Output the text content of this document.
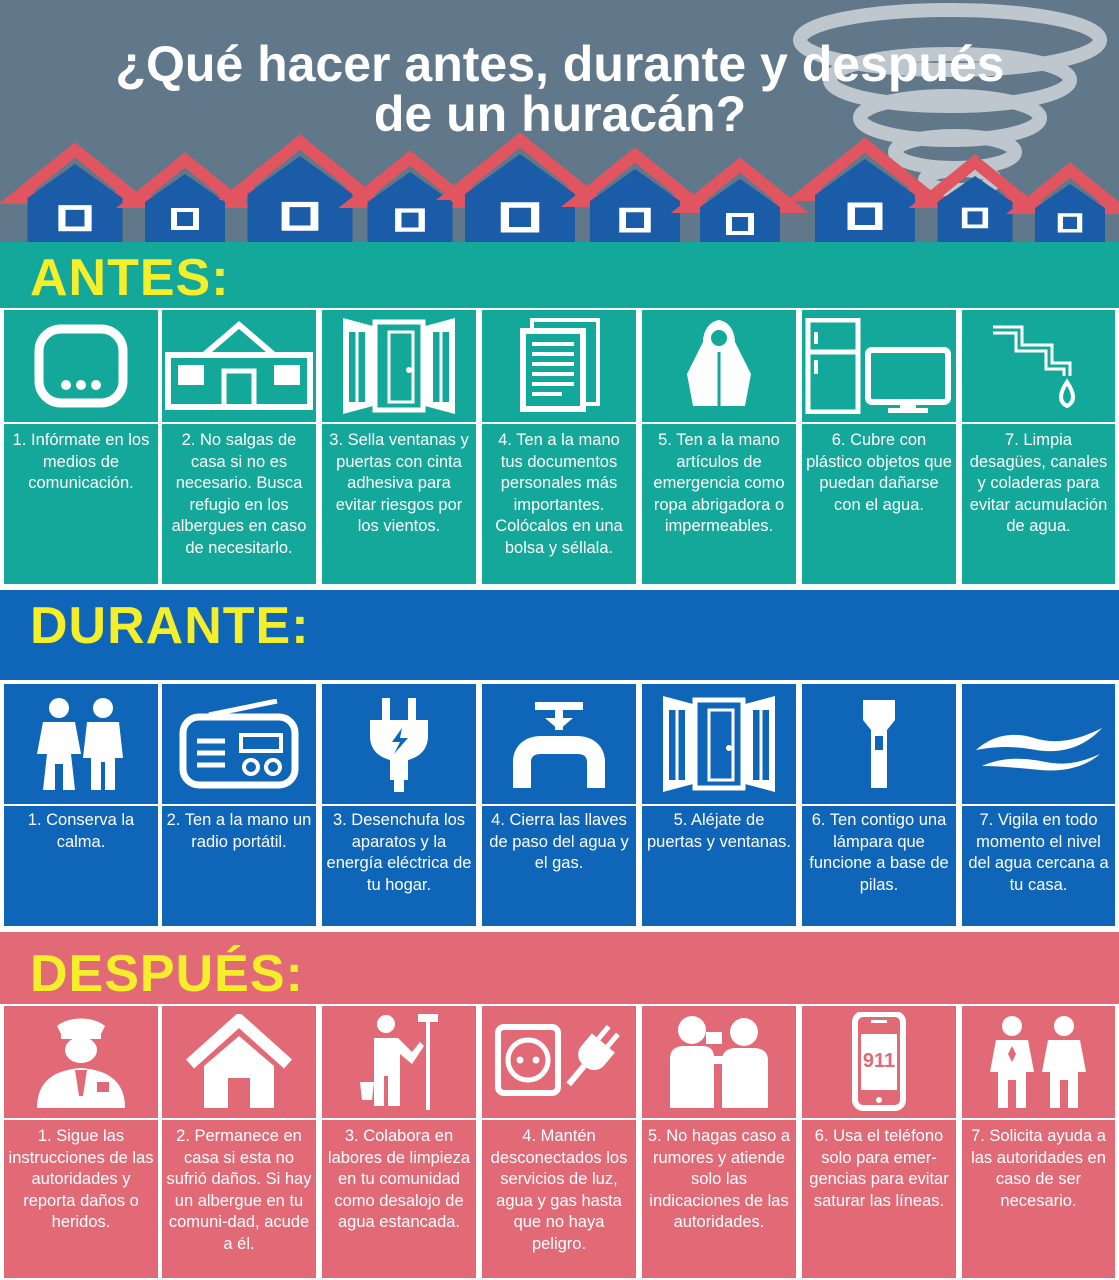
¿Qué hacer antes, durante y después
de un huracán?
ANTES:

1. Infórmate en los medios de comunicación.

2. No salgas de casa si no es necesario. Busca refugio en los albergues en caso de necesitarlo.

3. Sella ventanas y puertas con cinta adhesiva para evitar riesgos por los vientos.

4. Ten a la mano tus documentos personales más importantes. Colócalos en una bolsa y séllala.

5. Ten a la mano artículos de emergencia como ropa abrigadora o impermeables.

6. Cubre con plástico objetos que puedan dañarse con el agua.

7. Limpia desagües, canales y coladeras para evitar acumulación de agua.

DURANTE:

1. Conserva la calma.

2. Ten a la mano un radio portátil.

3. Desenchufa los aparatos y la energía eléctrica de tu hogar.

4. Cierra las llaves de paso del agua y el gas.

5. Aléjate de puertas y ventanas.

6. Ten contigo una lámpara que funcione a base de pilas.

7. Vigila en todo momento el nivel del agua cercana a tu casa.

DESPUÉS:

1. Sigue las instrucciones de las autoridades y reporta daños o heridos.

2. Permanece en casa si esta no sufrió daños. Si hay un albergue en tu comuni-dad, acude a él.

3. Colabora en labores de limpieza en tu comunidad como desalojo de agua estancada.

4. Mantén desconectados los servicios de luz, agua y gas hasta que no haya peligro.

5. No hagas caso a rumores y atiende solo las indicaciones de las autoridades.

911

6. Usa el teléfono solo para emer-gencias para evitar saturar las líneas.

7. Solicita ayuda a las autoridades en caso de ser necesario.
